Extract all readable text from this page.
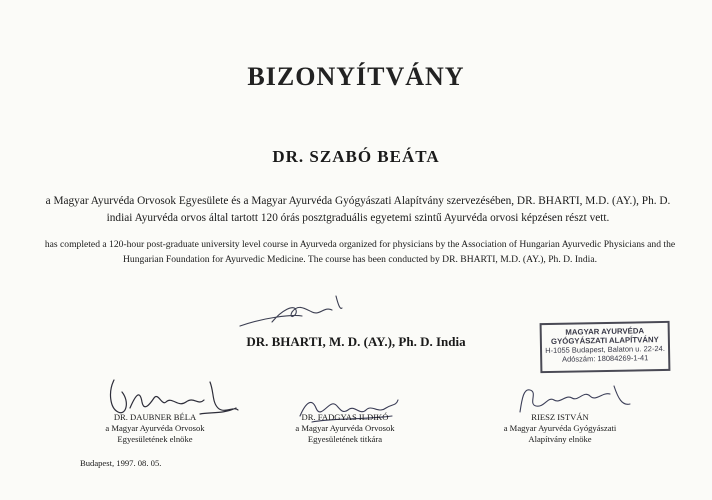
BIZONYÍTVÁNY
DR. SZABÓ BEÁTA
a Magyar Ayurvéda Orvosok Egyesülete és a Magyar Ayurvéda Gyógyászati Alapítvány szervezésében, DR. BHARTI, M.D. (AY.), Ph. D. indiai Ayurvéda orvos által tartott 120 órás posztgraduális egyetemi szintű Ayurvéda orvosi képzésen részt vett.
has completed a 120-hour post-graduate university level course in Ayurveda organized for physicians by the Association of Hungarian Ayurvedic Physicians and the Hungarian Foundation for Ayurvedic Medicine. The course has been conducted by DR. BHARTI, M.D. (AY.), Ph. D. India.
DR. BHARTI, M. D. (AY.), Ph. D. India
MAGYAR AYURVÉDA
GYÓGYÁSZATI ALAPÍTVÁNY
H-1055 Budapest, Balaton u. 22-24.
Adószám: 18084269-1-41
DR. DAUBNER BÉLA
a Magyar Ayurvéda Orvosok
Egyesületének elnöke
DR. FADGYAS ILDIKÓ
a Magyar Ayurvéda Orvosok
Egyesületének titkára
RIESZ ISTVÁN
a Magyar Ayurvéda Gyógyászati
Alapítvány elnöke
Budapest, 1997. 08. 05.
